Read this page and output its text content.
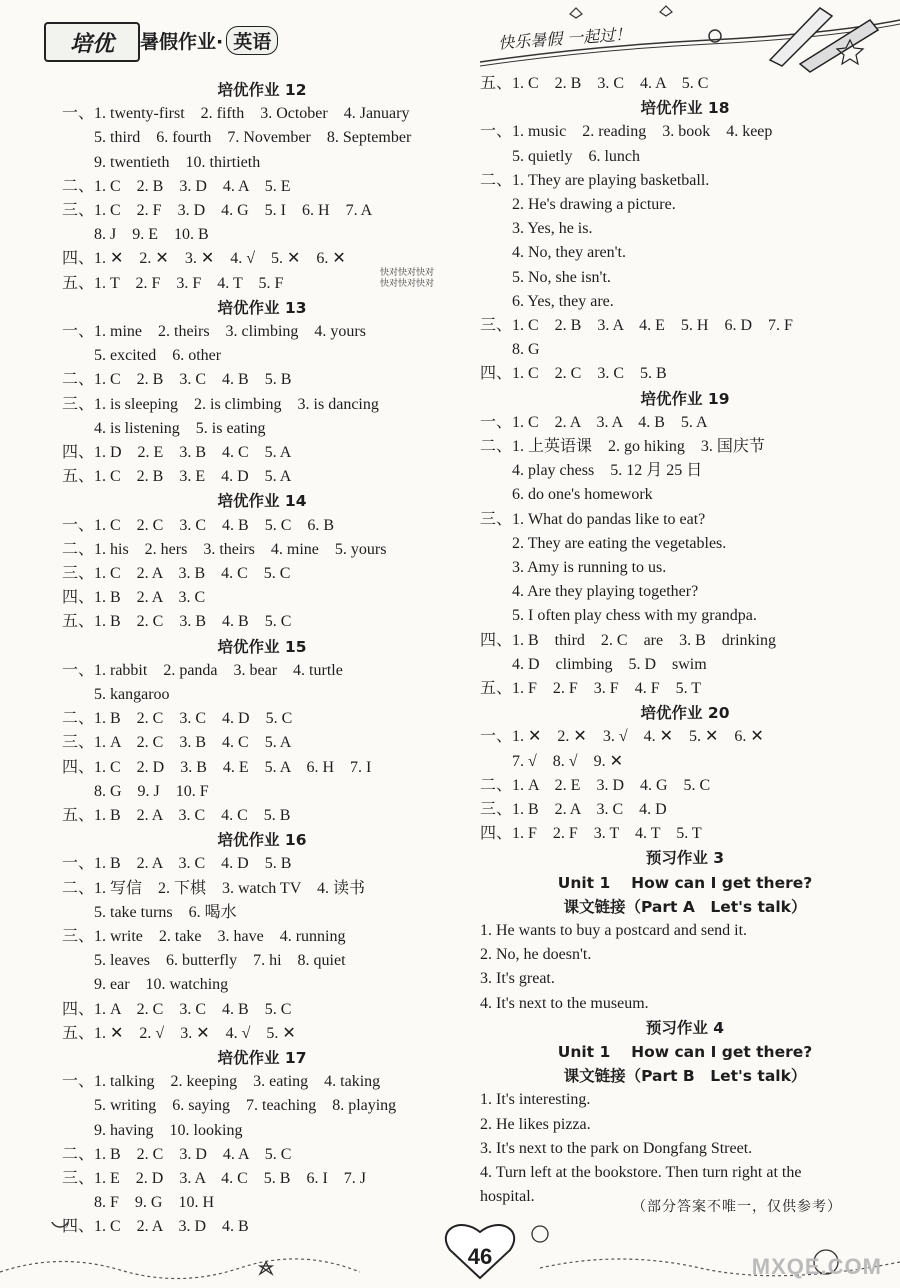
培优 暑假作业· 英语	快乐暑假 一起过！
培优作业 12
一、1. twenty-first　2. fifth　3. October　4. January
　　5. third　6. fourth　7. November　8. September
　　9. twentieth　10. thirtieth
二、1. C　2. B　3. D　4. A　5. E
三、1. C　2. F　3. D　4. G　5. I　6. H　7. A
　　8. J　9. E　10. B
四、1. ✕　2. ✕　3. ✕　4. √　5. ✕　6. ✕
五、1. T　2. F　3. F　4. T　5. F
培优作业 13
一、1. mine　2. theirs　3. climbing　4. yours
　　5. excited　6. other
二、1. C　2. B　3. C　4. B　5. B
三、1. is sleeping　2. is climbing　3. is dancing
　　4. is listening　5. is eating
四、1. D　2. E　3. B　4. C　5. A
五、1. C　2. B　3. E　4. D　5. A
培优作业 14
一、1. C　2. C　3. C　4. B　5. C　6. B
二、1. his　2. hers　3. theirs　4. mine　5. yours
三、1. C　2. A　3. B　4. C　5. C
四、1. B　2. A　3. C
五、1. B　2. C　3. B　4. B　5. C
培优作业 15
一、1. rabbit　2. panda　3. bear　4. turtle
　　5. kangaroo
二、1. B　2. C　3. C　4. D　5. C
三、1. A　2. C　3. B　4. C　5. A
四、1. C　2. D　3. B　4. E　5. A　6. H　7. I
　　8. G　9. J　10. F
五、1. B　2. A　3. C　4. C　5. B
培优作业 16
一、1. B　2. A　3. C　4. D　5. B
二、1. 写信　2. 下棋　3. watch TV　4. 读书
　　5. take turns　6. 喝水
三、1. write　2. take　3. have　4. running
　　5. leaves　6. butterfly　7. hi　8. quiet
　　9. ear　10. watching
四、1. A　2. C　3. C　4. B　5. C
五、1. ✕　2. √　3. ✕　4. √　5. ✕
培优作业 17
一、1. talking　2. keeping　3. eating　4. taking
　　5. writing　6. saying　7. teaching　8. playing
　　9. having　10. looking
二、1. B　2. C　3. D　4. A　5. C
三、1. E　2. D　3. A　4. C　5. B　6. I　7. J
　　8. F　9. G　10. H
四、1. C　2. A　3. D　4. B
五、1. C　2. B　3. C　4. A　5. C
培优作业 18
一、1. music　2. reading　3. book　4. keep
　　5. quietly　6. lunch
二、1. They are playing basketball.
　　2. He's drawing a picture.
　　3. Yes, he is.
　　4. No, they aren't.
　　5. No, she isn't.
　　6. Yes, they are.
三、1. C　2. B　3. A　4. E　5. H　6. D　7. F
　　8. G
四、1. C　2. C　3. C　5. B
培优作业 19
一、1. C　2. A　3. A　4. B　5. A
二、1. 上英语课　2. go hiking　3. 国庆节
　　4. play chess　5. 12 月 25 日
　　6. do one's homework
三、1. What do pandas like to eat?
　　2. They are eating the vegetables.
　　3. Amy is running to us.
　　4. Are they playing together?
　　5. I often play chess with my grandpa.
四、1. B　third　2. C　are　3. B　drinking
　　4. D　climbing　5. D　swim
五、1. F　2. F　3. F　4. F　5. T
培优作业 20
一、1. ✕　2. ✕　3. √　4. ✕　5. ✕　6. ✕
　　7. √　8. √　9. ✕
二、1. A　2. E　3. D　4. G　5. C
三、1. B　2. A　3. C　4. D
四、1. F　2. F　3. T　4. T　5. T
预习作业 3
Unit 1　 How can I get there?
课文链接（Part A　Let's talk）
1. He wants to buy a postcard and send it.
2. No, he doesn't.
3. It's great.
4. It's next to the museum.
预习作业 4
Unit 1　 How can I get there?
课文链接（Part B　Let's talk）
1. It's interesting.
2. He likes pizza.
3. It's next to the park on Dongfang Street.
4. Turn left at the bookstore. Then turn right at the
hospital.
快对快对快对
快对快对快对
（部分答案不唯一，仅供参考）
46	MXQE.COM
